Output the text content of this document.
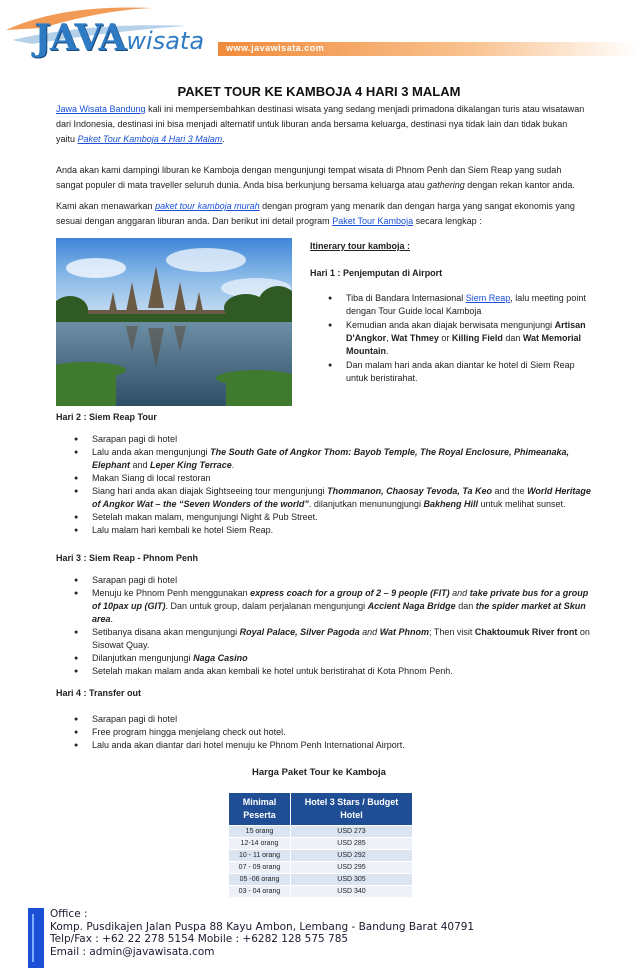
JAVA wisata www.javawisata.com
PAKET TOUR KE KAMBOJA 4 HARI 3 MALAM
Jawa Wisata Bandung kali ini mempersembahkan destinasi wisata yang sedang menjadi primadona dikalangan turis atau wisatawan dari Indonesia, destinasi ini bisa menjadi alternatif untuk liburan anda bersama keluarga, destinasi nya tidak lain dan tidak bukan yaitu Paket Tour Kamboja 4 Hari 3 Malam.
Anda akan kami dampingi liburan ke Kamboja dengan mengunjungi tempat wisata di Phnom Penh dan Siem Reap yang sudah sangat populer di mata traveller seluruh dunia. Anda bisa berkunjung bersama keluarga atau gathering dengan rekan kantor anda.
Kami akan menawarkan paket tour kamboja murah dengan program yang menarik dan dengan harga yang sangat ekonomis yang sesuai dengan anggaran liburan anda. Dan berikut ini detail program Paket Tour Kamboja secara lengkap :
Itinerary tour kamboja :
Hari 1 : Penjemputan di Airport
● Tiba di Bandara Internasional Siem Reap, lalu meeting point dengan Tour Guide local Kamboja
● Kemudian anda akan diajak berwisata mengunjungi Artisan D'Angkor, Wat Thmey or Killing Field dan Wat Memorial Mountain.
● Dan malam hari anda akan diantar ke hotel di Siem Reap untuk beristirahat.
Hari 2 : Siem Reap Tour
● Sarapan pagi di hotel
● Lalu anda akan mengunjungi The South Gate of Angkor Thom: Bayob Temple, The Royal Enclosure, Phimeanaka, Elephant and Leper King Terrace.
● Makan Siang di local restoran
● Siang hari anda akan diajak Sightseeing tour mengunjungi Thommanon, Chaosay Tevoda, Ta Keo and the World Heritage of Angkor Wat – the “Seven Wonders of the world”. dilanjutkan menunungjungi Bakheng Hill untuk melihat sunset.
● Setelah makan malam, mengunjungi Night & Pub Street.
● Lalu malam hari kembali ke hotel Siem Reap.
Hari 3 : Siem Reap - Phnom Penh
● Sarapan pagi di hotel
● Menuju ke Phnom Penh menggunakan express coach for a group of 2 – 9 people (FIT) and take private bus for a group of 10pax up (GIT). Dan untuk group, dalam perjalanan mengunjungi Accient Naga Bridge dan the spider market at Skun area.
● Setibanya disana akan mengunjungi Royal Palace, Silver Pagoda and Wat Phnom; Then visit Chaktoumuk River front on Sisowat Quay.
● Dilanjutkan mengunjungi Naga Casino
● Setelah makan malam anda akan kembali ke hotel untuk beristirahat di Kota Phnom Penh.
Hari 4 : Transfer out
● Sarapan pagi di hotel
● Free program hingga menjelang check out hotel.
● Lalu anda akan diantar dari hotel menuju ke Phnom Penh International Airport.
Harga Paket Tour ke Kamboja
Minimal Peserta	Hotel 3 Stars / Budget Hotel
15 orang	USD 273
12-14 orang	USD 285
10 - 11 orang	USD 292
07 - 09 orang	USD 295
05 -06 orang	USD 305
03 - 04 orang	USD 340
Office :
Komp. Pusdikajen Jalan Puspa 88 Kayu Ambon, Lembang - Bandung Barat 40791
Telp/Fax : +62 22 278 5154 Mobile : +6282 128 575 785
Email : admin@javawisata.com
